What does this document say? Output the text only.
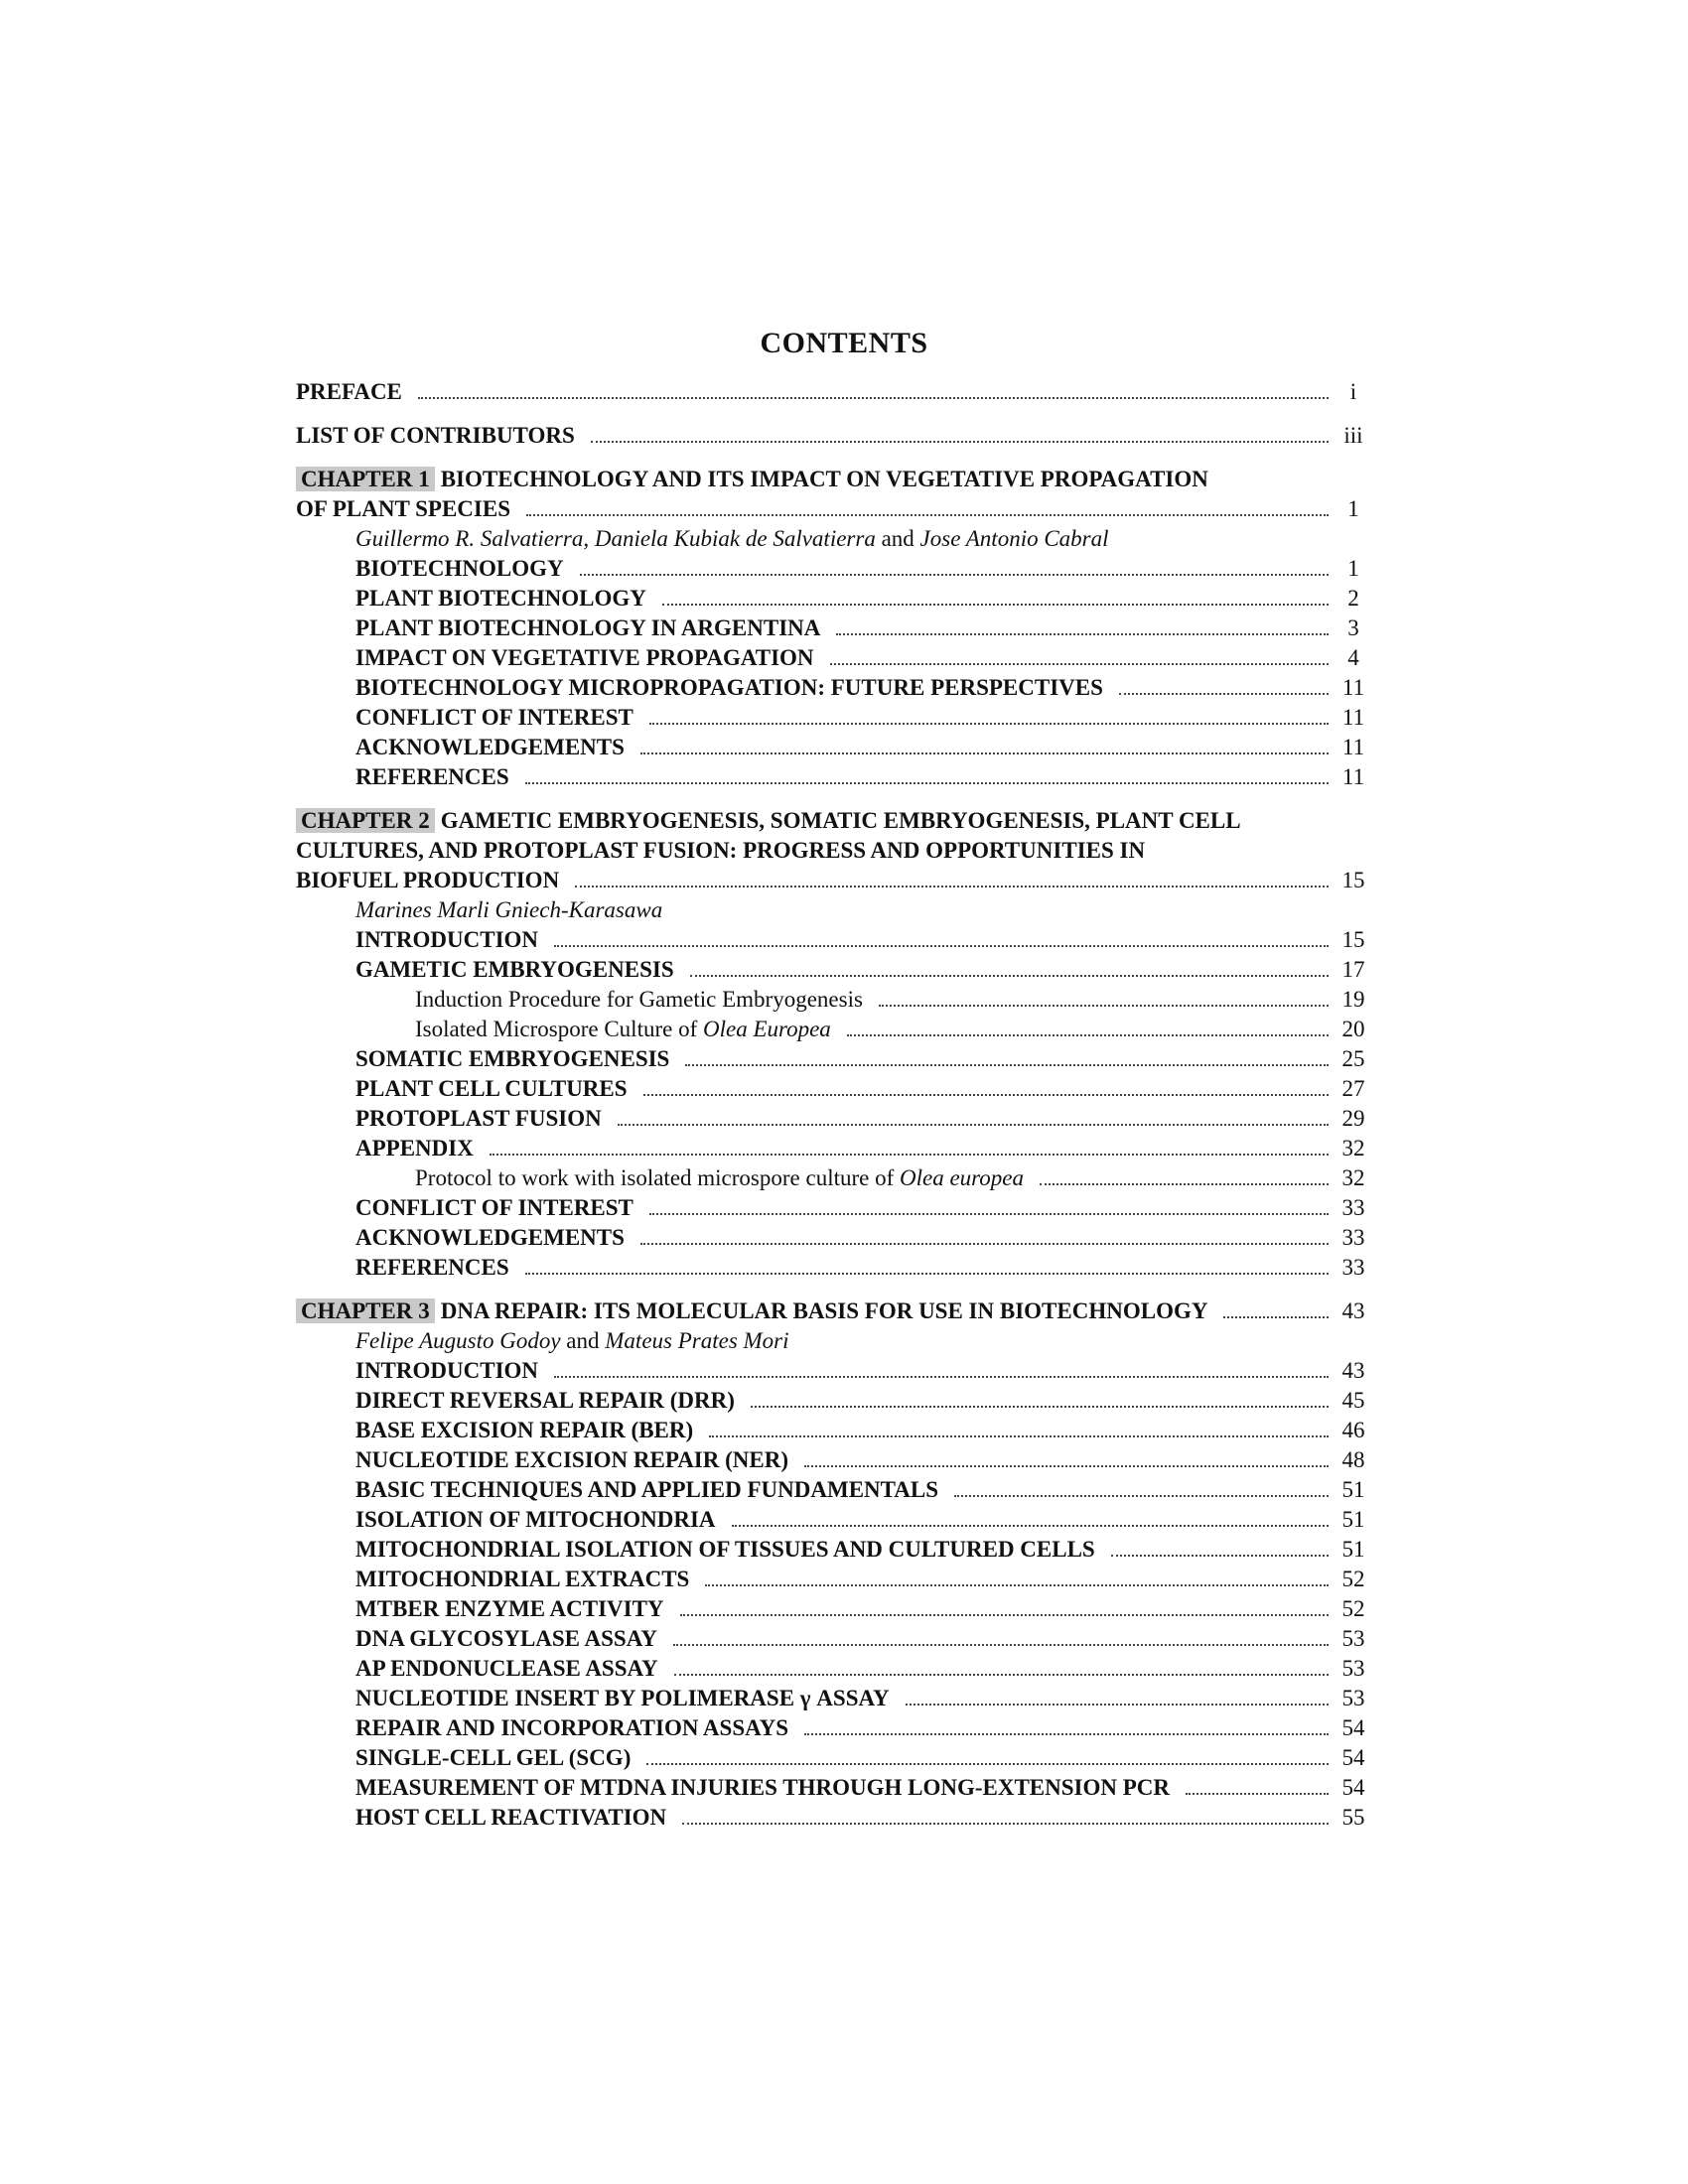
CONTENTS
PREFACE	i
LIST OF CONTRIBUTORS	iii
CHAPTER 1 BIOTECHNOLOGY AND ITS IMPACT ON VEGETATIVE PROPAGATION
OF PLANT SPECIES	1
Guillermo R. Salvatierra, Daniela Kubiak de Salvatierra and Jose Antonio Cabral
BIOTECHNOLOGY	1
PLANT BIOTECHNOLOGY	2
PLANT BIOTECHNOLOGY IN ARGENTINA	3
IMPACT ON VEGETATIVE PROPAGATION	4
BIOTECHNOLOGY MICROPROPAGATION: FUTURE PERSPECTIVES	11
CONFLICT OF INTEREST	11
ACKNOWLEDGEMENTS	11
REFERENCES	11
CHAPTER 2 GAMETIC EMBRYOGENESIS, SOMATIC EMBRYOGENESIS, PLANT CELL
CULTURES, AND PROTOPLAST FUSION: PROGRESS AND OPPORTUNITIES IN
BIOFUEL PRODUCTION	15
Marines Marli Gniech-Karasawa
INTRODUCTION	15
GAMETIC EMBRYOGENESIS	17
Induction Procedure for Gametic Embryogenesis	19
Isolated Microspore Culture of Olea Europea	20
SOMATIC EMBRYOGENESIS	25
PLANT CELL CULTURES	27
PROTOPLAST FUSION	29
APPENDIX	32
Protocol to work with isolated microspore culture of Olea europea	32
CONFLICT OF INTEREST	33
ACKNOWLEDGEMENTS	33
REFERENCES	33
CHAPTER 3 DNA REPAIR: ITS MOLECULAR BASIS FOR USE IN BIOTECHNOLOGY	43
Felipe Augusto Godoy and Mateus Prates Mori
INTRODUCTION	43
DIRECT REVERSAL REPAIR (DRR)	45
BASE EXCISION REPAIR (BER)	46
NUCLEOTIDE EXCISION REPAIR (NER)	48
BASIC TECHNIQUES AND APPLIED FUNDAMENTALS	51
ISOLATION OF MITOCHONDRIA	51
MITOCHONDRIAL ISOLATION OF TISSUES AND CULTURED CELLS	51
MITOCHONDRIAL EXTRACTS	52
MTBER ENZYME ACTIVITY	52
DNA GLYCOSYLASE ASSAY	53
AP ENDONUCLEASE ASSAY	53
NUCLEOTIDE INSERT BY POLIMERASE γ ASSAY	53
REPAIR AND INCORPORATION ASSAYS	54
SINGLE-CELL GEL (SCG)	54
MEASUREMENT OF MTDNA INJURIES THROUGH LONG-EXTENSION PCR	54
HOST CELL REACTIVATION	55
